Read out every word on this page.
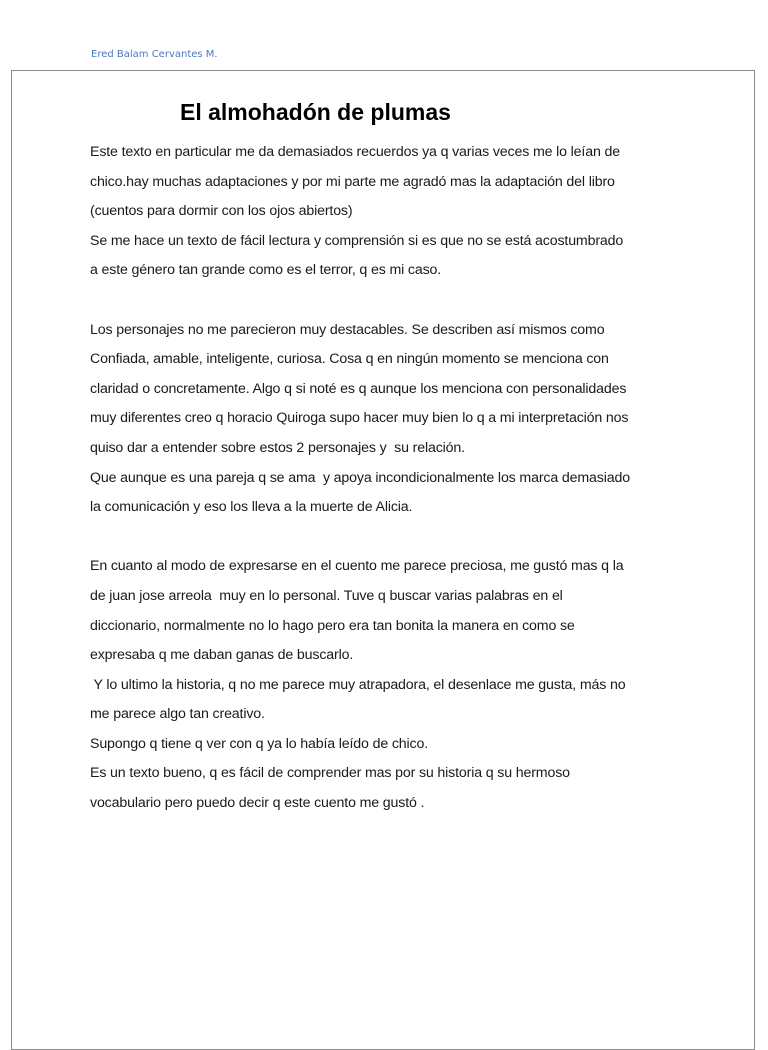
Ered Balam Cervantes M.
El almohadón de plumas
Este texto en particular me da demasiados recuerdos ya q varias veces me lo leían de
chico.hay muchas adaptaciones y por mi parte me agradó mas la adaptación del libro
(cuentos para dormir con los ojos abiertos)
Se me hace un texto de fácil lectura y comprensión si es que no se está acostumbrado
a este género tan grande como es el terror, q es mi caso.
Los personajes no me parecieron muy destacables. Se describen así mismos como
Confiada, amable, inteligente, curiosa. Cosa q en ningún momento se menciona con
claridad o concretamente. Algo q si noté es q aunque los menciona con personalidades
muy diferentes creo q horacio Quiroga supo hacer muy bien lo q a mi interpretación nos
quiso dar a entender sobre estos 2 personajes y  su relación.
Que aunque es una pareja q se ama  y apoya incondicionalmente los marca demasiado
la comunicación y eso los lleva a la muerte de Alicia.
En cuanto al modo de expresarse en el cuento me parece preciosa, me gustó mas q la
de juan jose arreola  muy en lo personal. Tuve q buscar varias palabras en el
diccionario, normalmente no lo hago pero era tan bonita la manera en como se
expresaba q me daban ganas de buscarlo.
Y lo ultimo la historia, q no me parece muy atrapadora, el desenlace me gusta, más no
me parece algo tan creativo.
Supongo q tiene q ver con q ya lo había leído de chico.
Es un texto bueno, q es fácil de comprender mas por su historia q su hermoso
vocabulario pero puedo decir q este cuento me gustó .
